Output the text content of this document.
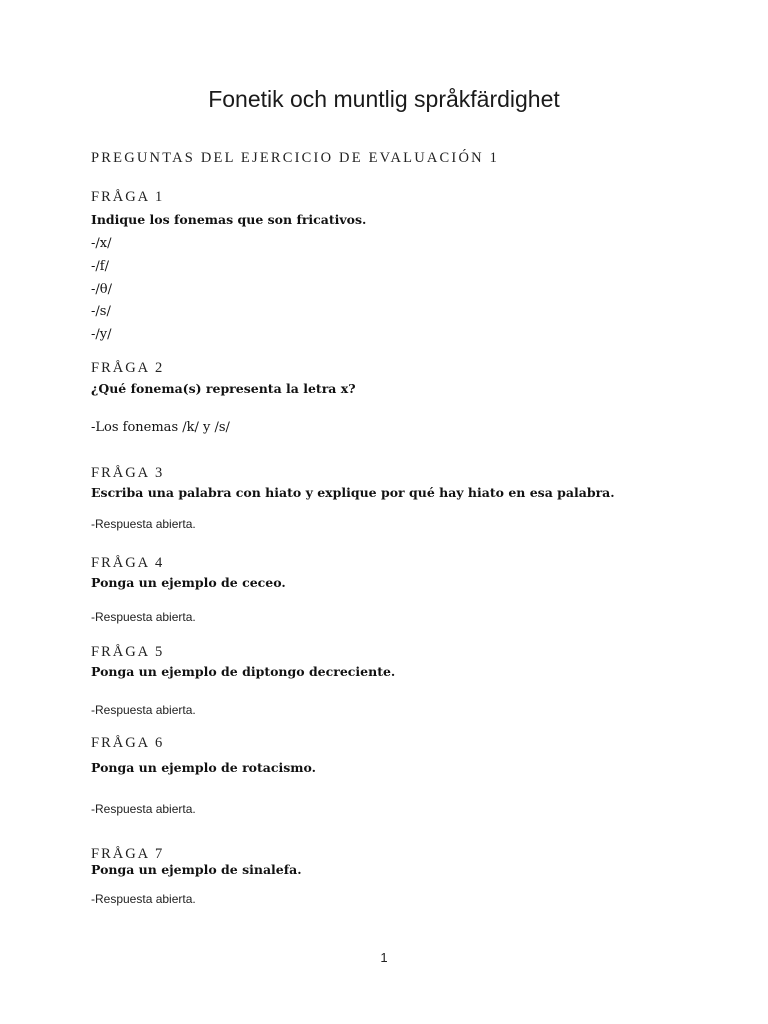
Fonetik och muntlig språkfärdighet
PREGUNTAS DEL EJERCICIO DE EVALUACIÓN 1
FRÅGA 1
Indique los fonemas que son fricativos.
-/x/
-/f/
-/θ/
-/s/
-/y/
FRÅGA 2
¿Qué fonema(s) representa la letra x?
-Los fonemas /k/ y /s/
FRÅGA 3
Escriba una palabra con hiato y explique por qué hay hiato en esa palabra.
-Respuesta abierta.
FRÅGA 4
Ponga un ejemplo de ceceo.
-Respuesta abierta.
FRÅGA 5
Ponga un ejemplo de diptongo decreciente.
-Respuesta abierta.
FRÅGA 6
Ponga un ejemplo de rotacismo.
-Respuesta abierta.
FRÅGA 7
Ponga un ejemplo de sinalefa.
-Respuesta abierta.
1
